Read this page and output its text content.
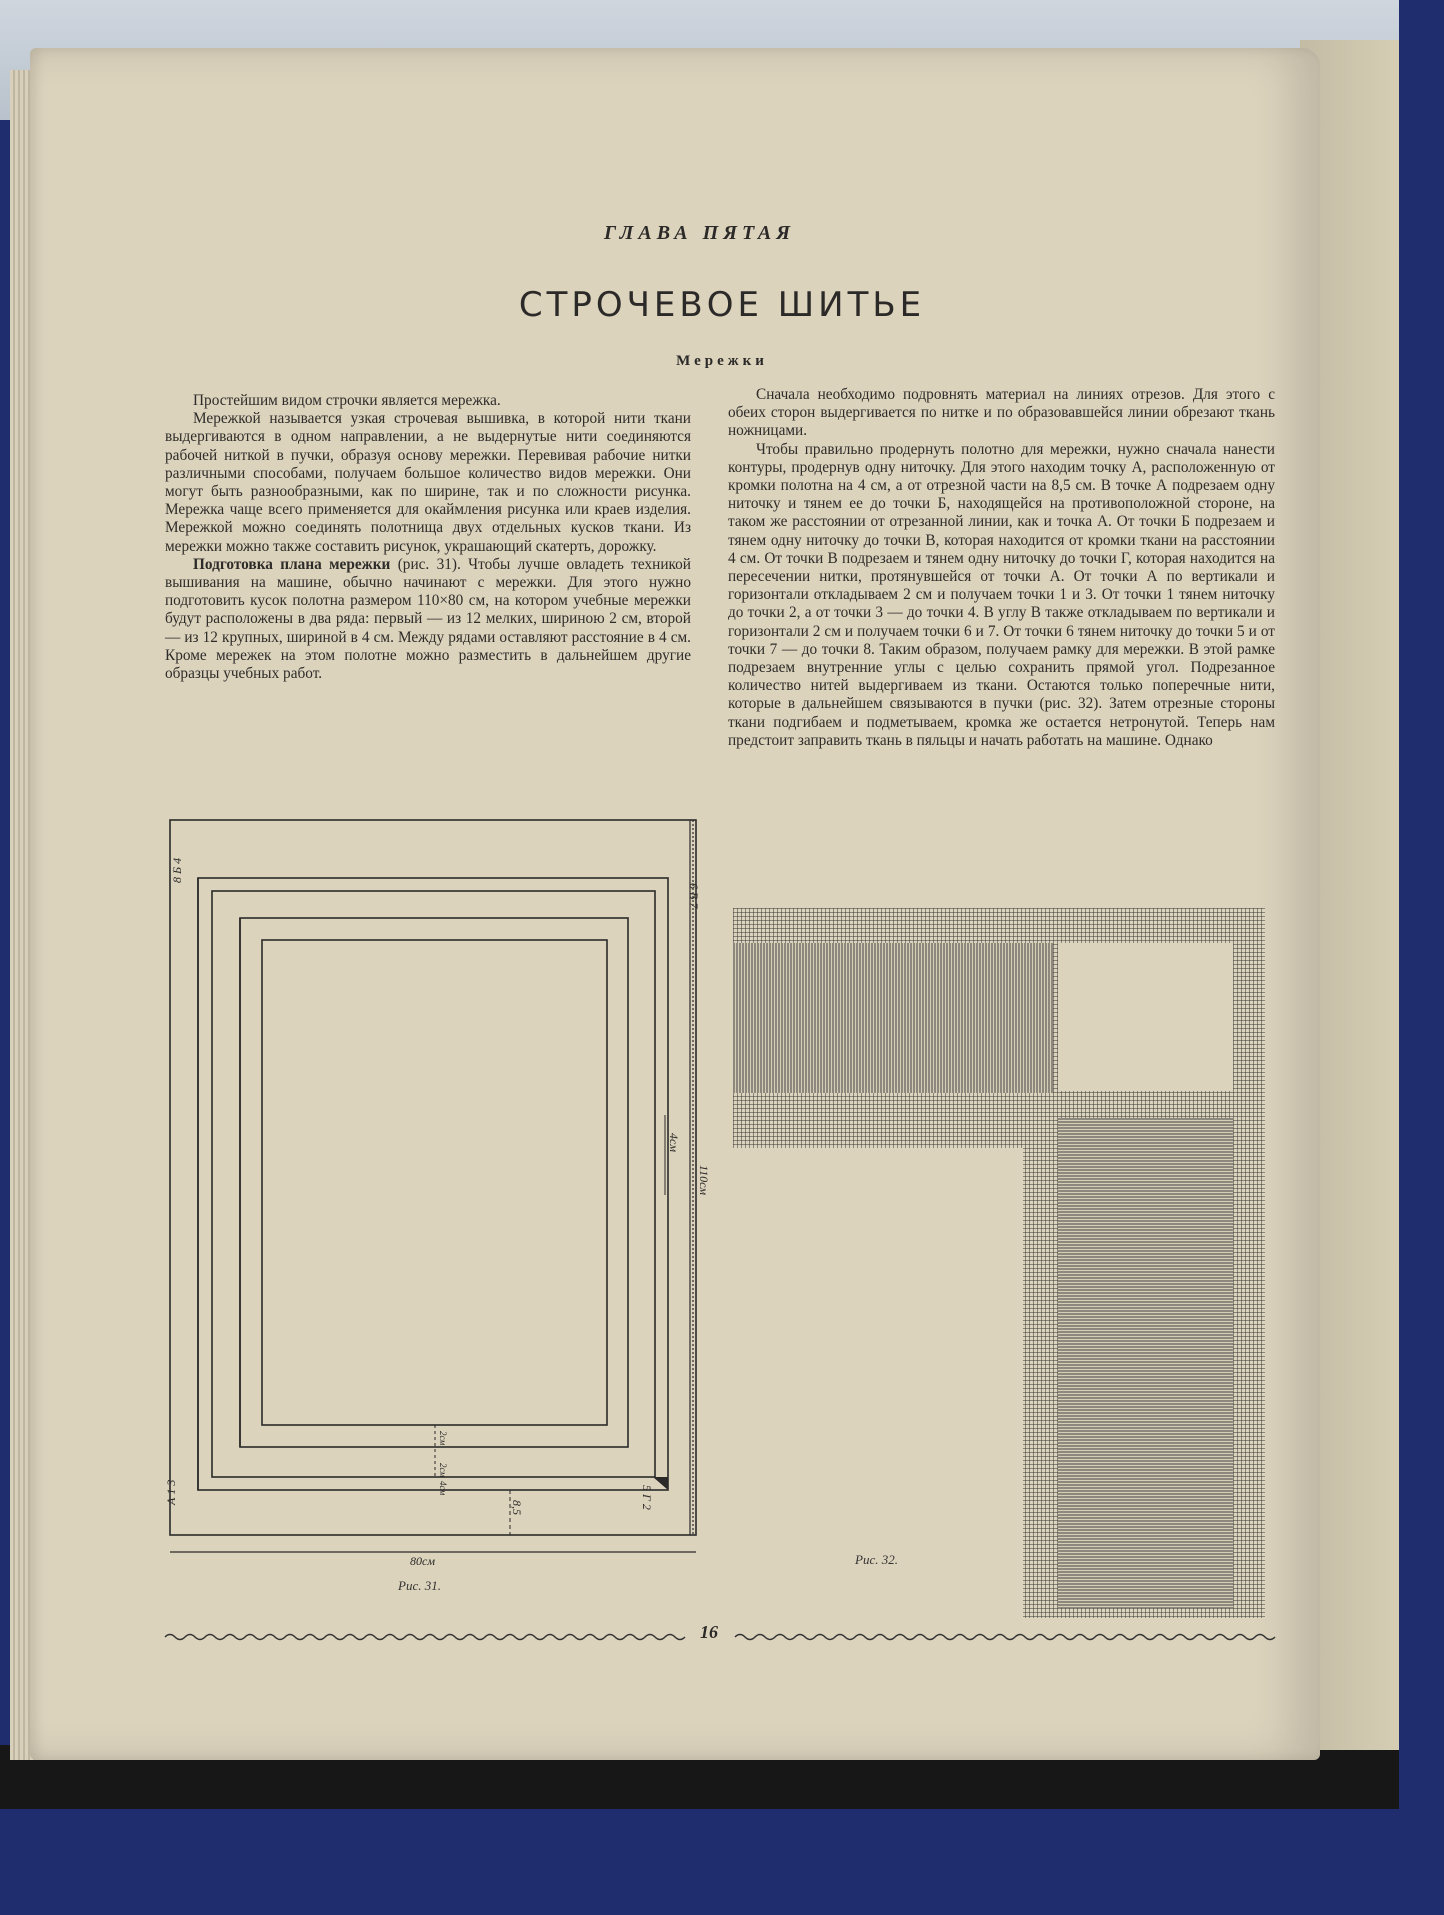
ГЛАВА ПЯТАЯ
СТРОЧЕВОЕ ШИТЬЕ
Мережки

Простейшим видом строчки является мережка.

Мережкой называется узкая строчевая вышивка, в которой нити ткани выдергиваются в одном направлении, а не выдернутые нити соединяются рабочей ниткой в пучки, образуя основу мережки. Перевивая рабочие нитки различными способами, получаем большое количество видов мережки. Они могут быть разнообразными, как по ширине, так и по сложности рисунка. Мережка чаще всего применяется для окаймления рисунка или краев изделия. Мережкой можно соединять полотнища двух отдельных кусков ткани. Из мережки можно также составить рисунок, украшающий скатерть, дорожку.

Подготовка плана мережки (рис. 31). Чтобы лучше овладеть техникой вышивания на машине, обычно начинают с мережки. Для этого нужно подготовить кусок полотна размером 110×80 см, на котором учебные мережки будут расположены в два ряда: первый — из 12 мелких, шириною 2 см, второй — из 12 крупных, шириной в 4 см. Между рядами оставляют расстояние в 4 см. Кроме мережек на этом полотне можно разместить в дальнейшем другие образцы учебных работ.

Сначала необходимо подровнять материал на линиях отрезов. Для этого с обеих сторон выдергивается по нитке и по образовавшейся линии обрезают ткань ножницами.

Чтобы правильно продернуть полотно для мережки, нужно сначала нанести контуры, продернув одну ниточку. Для этого находим точку А, расположенную от кромки полотна на 4 см, а от отрезной части на 8,5 см. В точке А подрезаем одну ниточку и тянем ее до точки Б, находящейся на противоположной стороне, на таком же расстоянии от отрезанной линии, как и точка А. От точки Б подрезаем и тянем одну ниточку до точки В, которая находится от кромки ткани на расстоянии 4 см. От точки В подрезаем и тянем одну ниточку до точки Г, которая находится на пересечении нитки, протянувшейся от точки А. От точки А по вертикали и горизонтали откладываем 2 см и получаем точки 1 и 3. От точки 1 тянем ниточку до точки 2, а от точки 3 — до точки 4. В углу В также откладываем по вертикали и горизонтали 2 см и получаем точки 6 и 7. От точки 6 тянем ниточку до точки 5 и от точки 7 — до точки 8. Таким образом, получаем рамку для мережки. В этой рамке подрезаем внутренние углы с целью сохранить прямой угол. Подрезанное количество нитей выдергиваем из ткани. Остаются только поперечные нити, которые в дальнейшем связываются в пучки (рис. 32). Затем отрезные стороны ткани подгибаем и подметываем, кромка же остается нетронутой. Теперь нам предстоит заправить ткань в пяльцы и начать работать на машине. Однако

8 Б 4
6 В 7
А 1 3	5 Г 2
80см
110см
4см
8,5
2см
2см
4см
Рис. 31.
Рис. 32.
16
